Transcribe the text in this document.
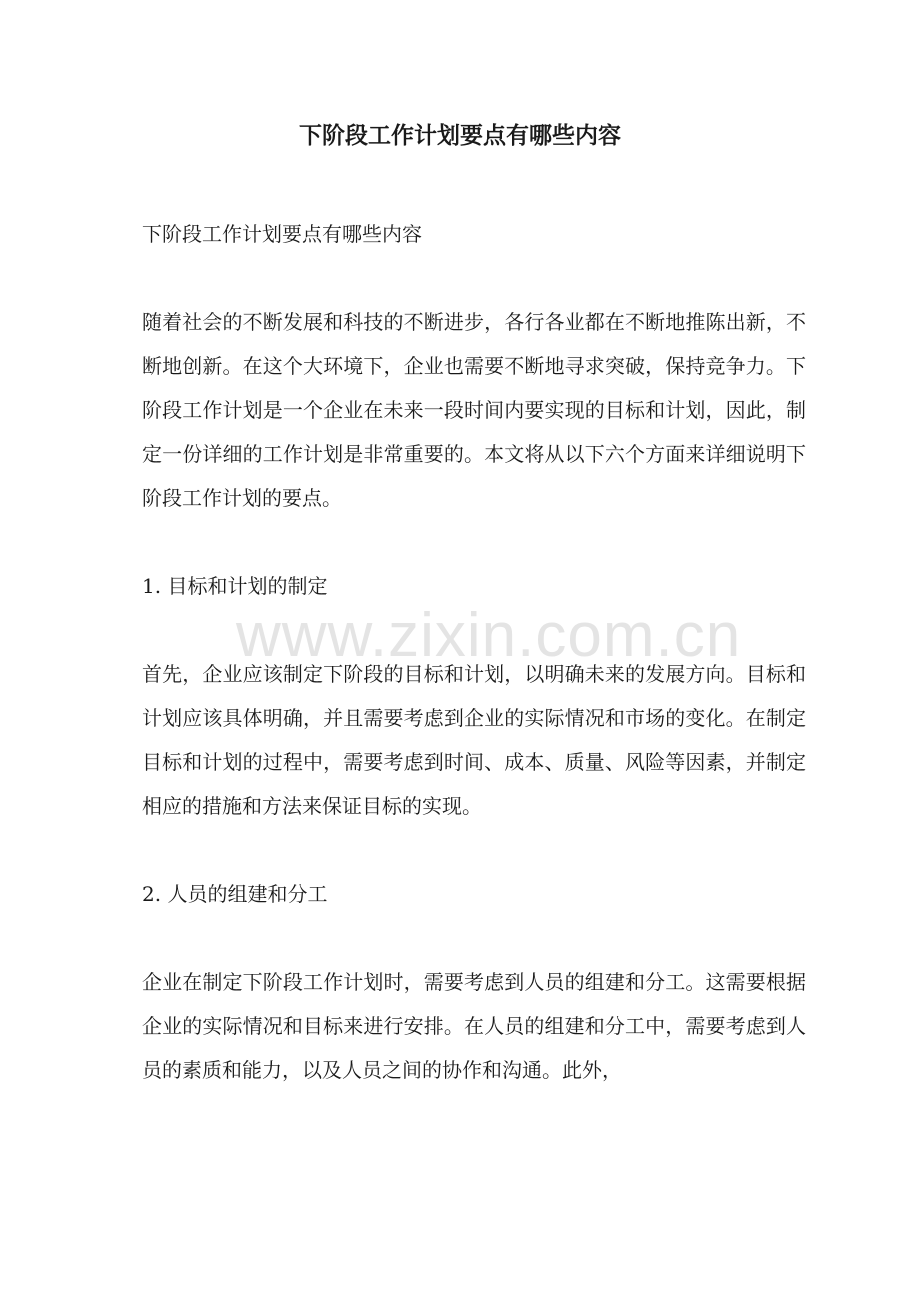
www.zixin.com.cn
下阶段工作计划要点有哪些内容

下阶段工作计划要点有哪些内容

随着社会的不断发展和科技的不断进步，各行各业都在不断地推陈出新，不断地创新。在这个大环境下，企业也需要不断地寻求突破，保持竞争力。下阶段工作计划是一个企业在未来一段时间内要实现的目标和计划，因此，制定一份详细的工作计划是非常重要的。本文将从以下六个方面来详细说明下阶段工作计划的要点。

1. 目标和计划的制定

首先，企业应该制定下阶段的目标和计划，以明确未来的发展方向。目标和计划应该具体明确，并且需要考虑到企业的实际情况和市场的变化。在制定目标和计划的过程中，需要考虑到时间、成本、质量、风险等因素，并制定相应的措施和方法来保证目标的实现。

2. 人员的组建和分工

企业在制定下阶段工作计划时，需要考虑到人员的组建和分工。这需要根据企业的实际情况和目标来进行安排。在人员的组建和分工中，需要考虑到人员的素质和能力，以及人员之间的协作和沟通。此外，
